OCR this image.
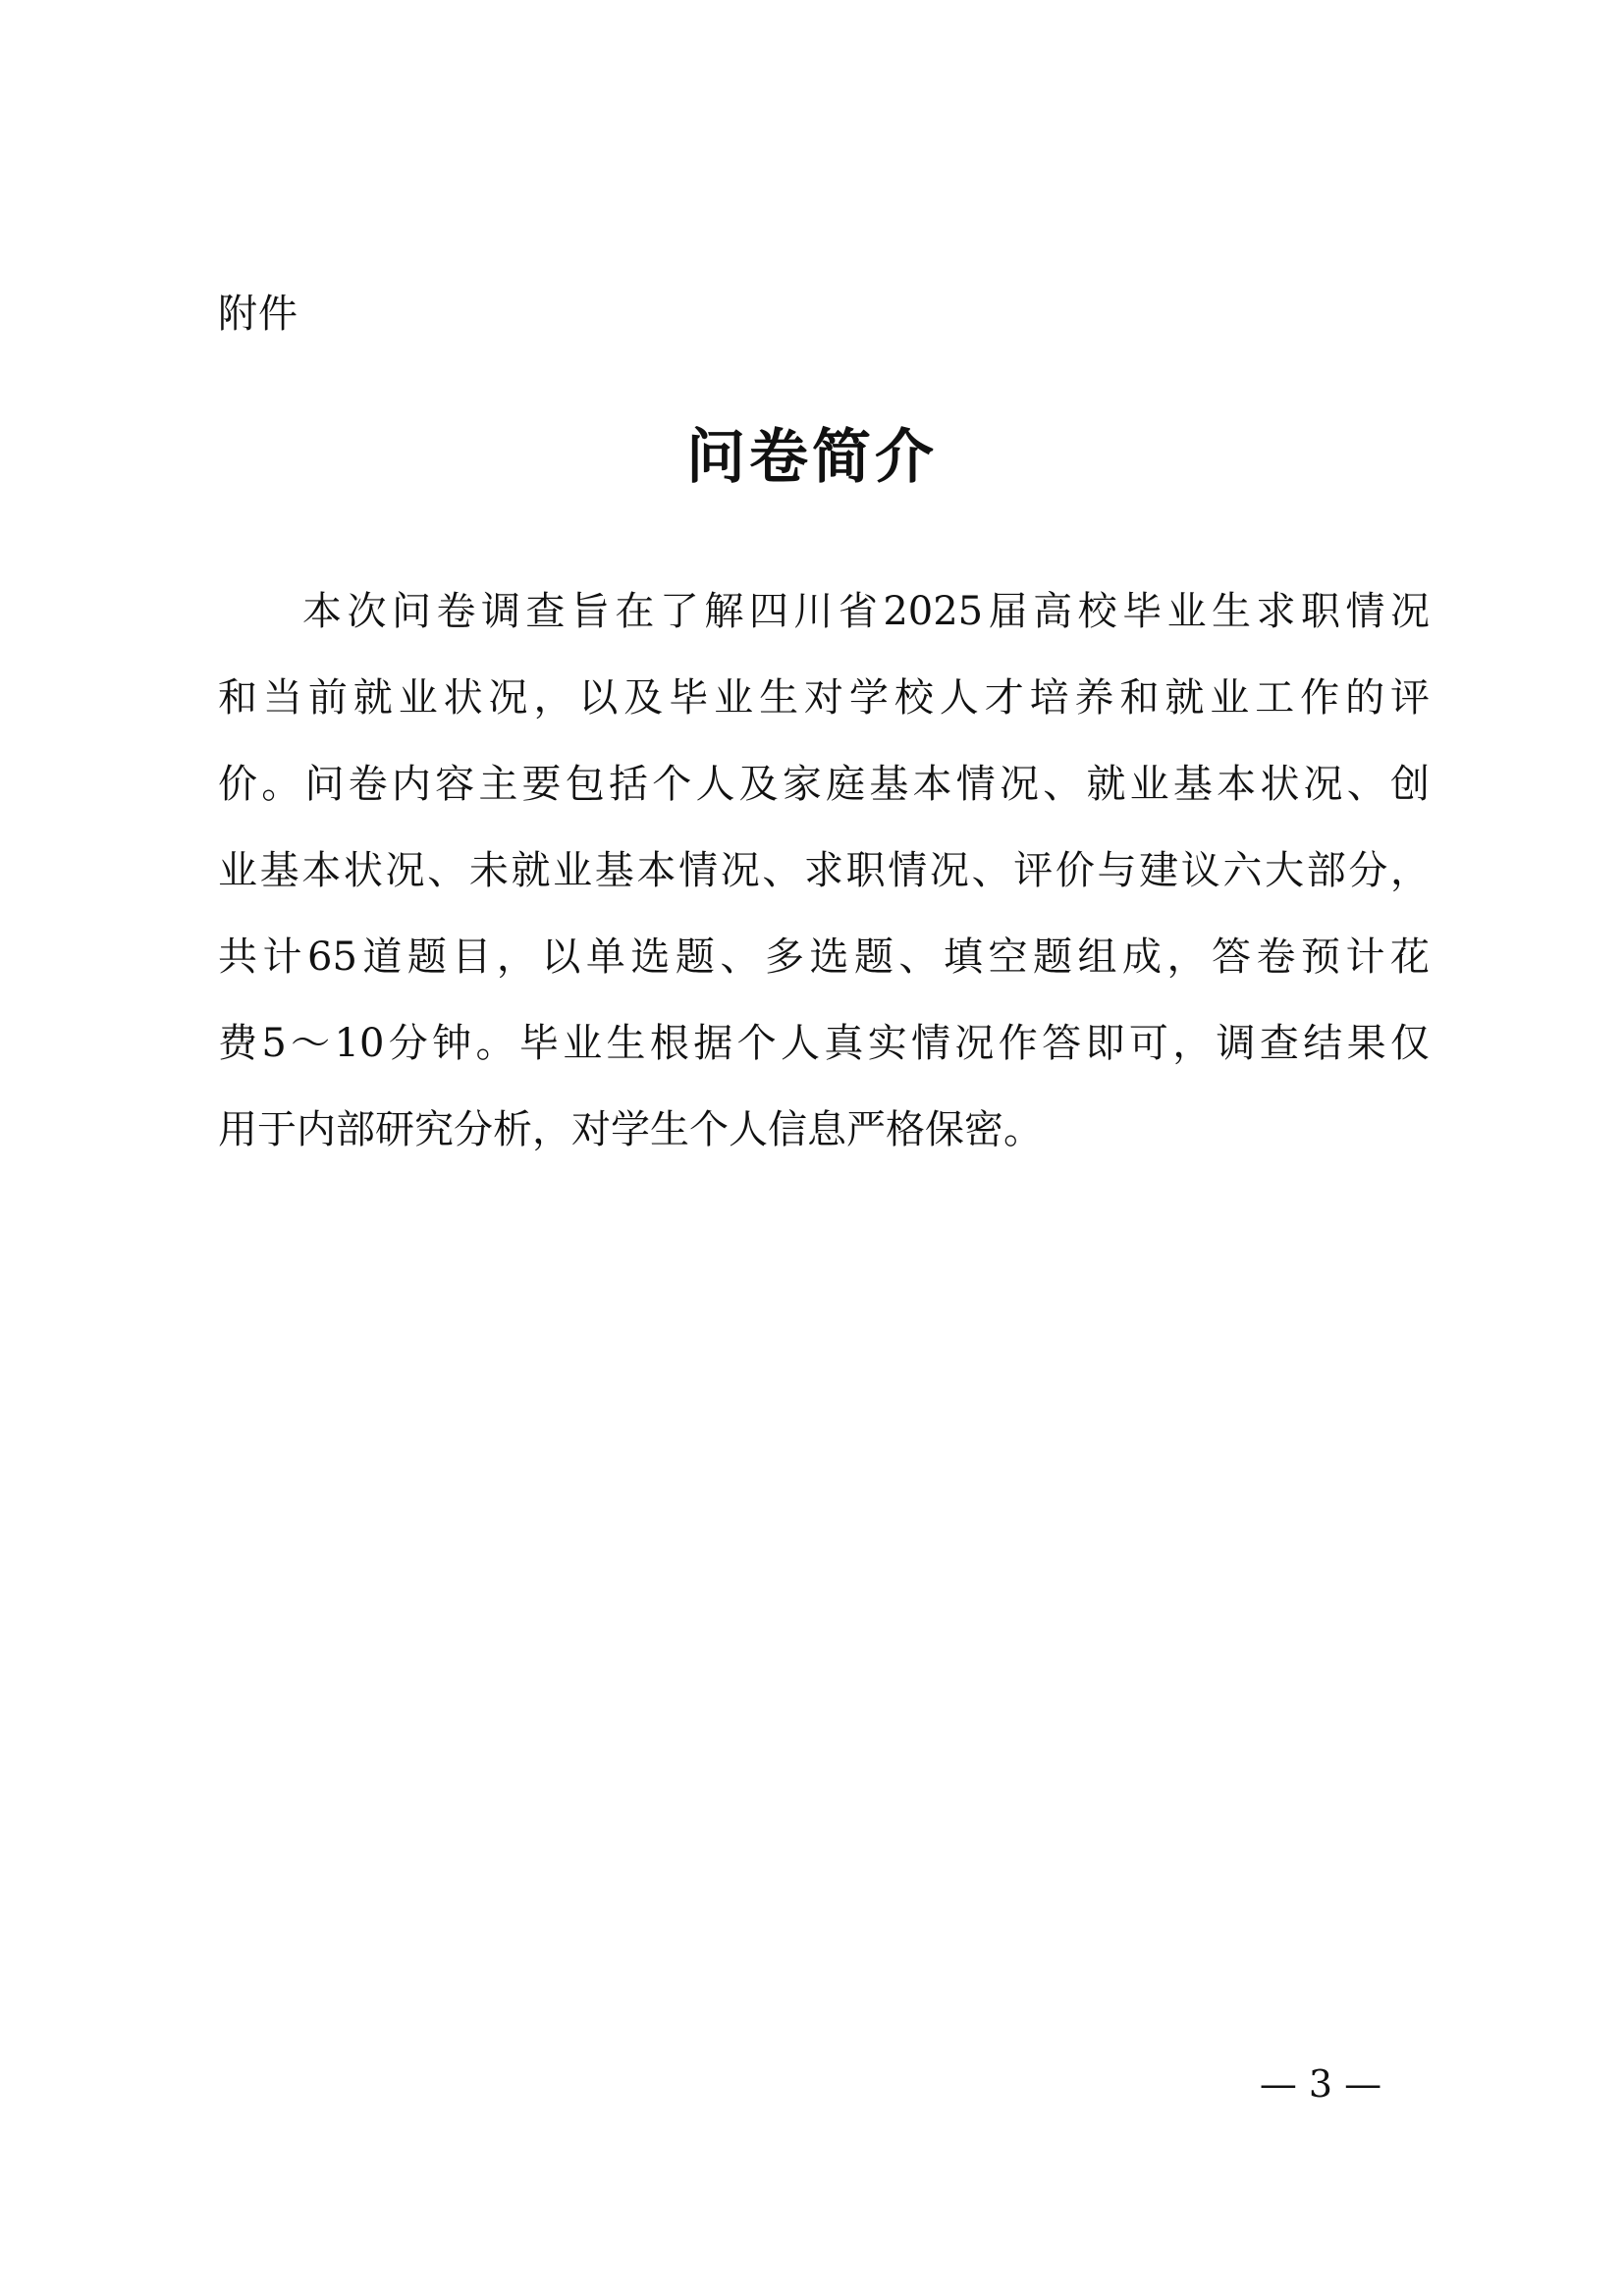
附件
问卷简介
本次问卷调查旨在了解四川省2025届高校毕业生求职情况
和当前就业状况，以及毕业生对学校人才培养和就业工作的评
价。问卷内容主要包括个人及家庭基本情况、就业基本状况、创
业基本状况、未就业基本情况、求职情况、评价与建议六大部分，
共计65道题目，以单选题、多选题、填空题组成，答卷预计花
费5～10分钟。毕业生根据个人真实情况作答即可，调查结果仅
用于内部研究分析，对学生个人信息严格保密。
— 3 —
